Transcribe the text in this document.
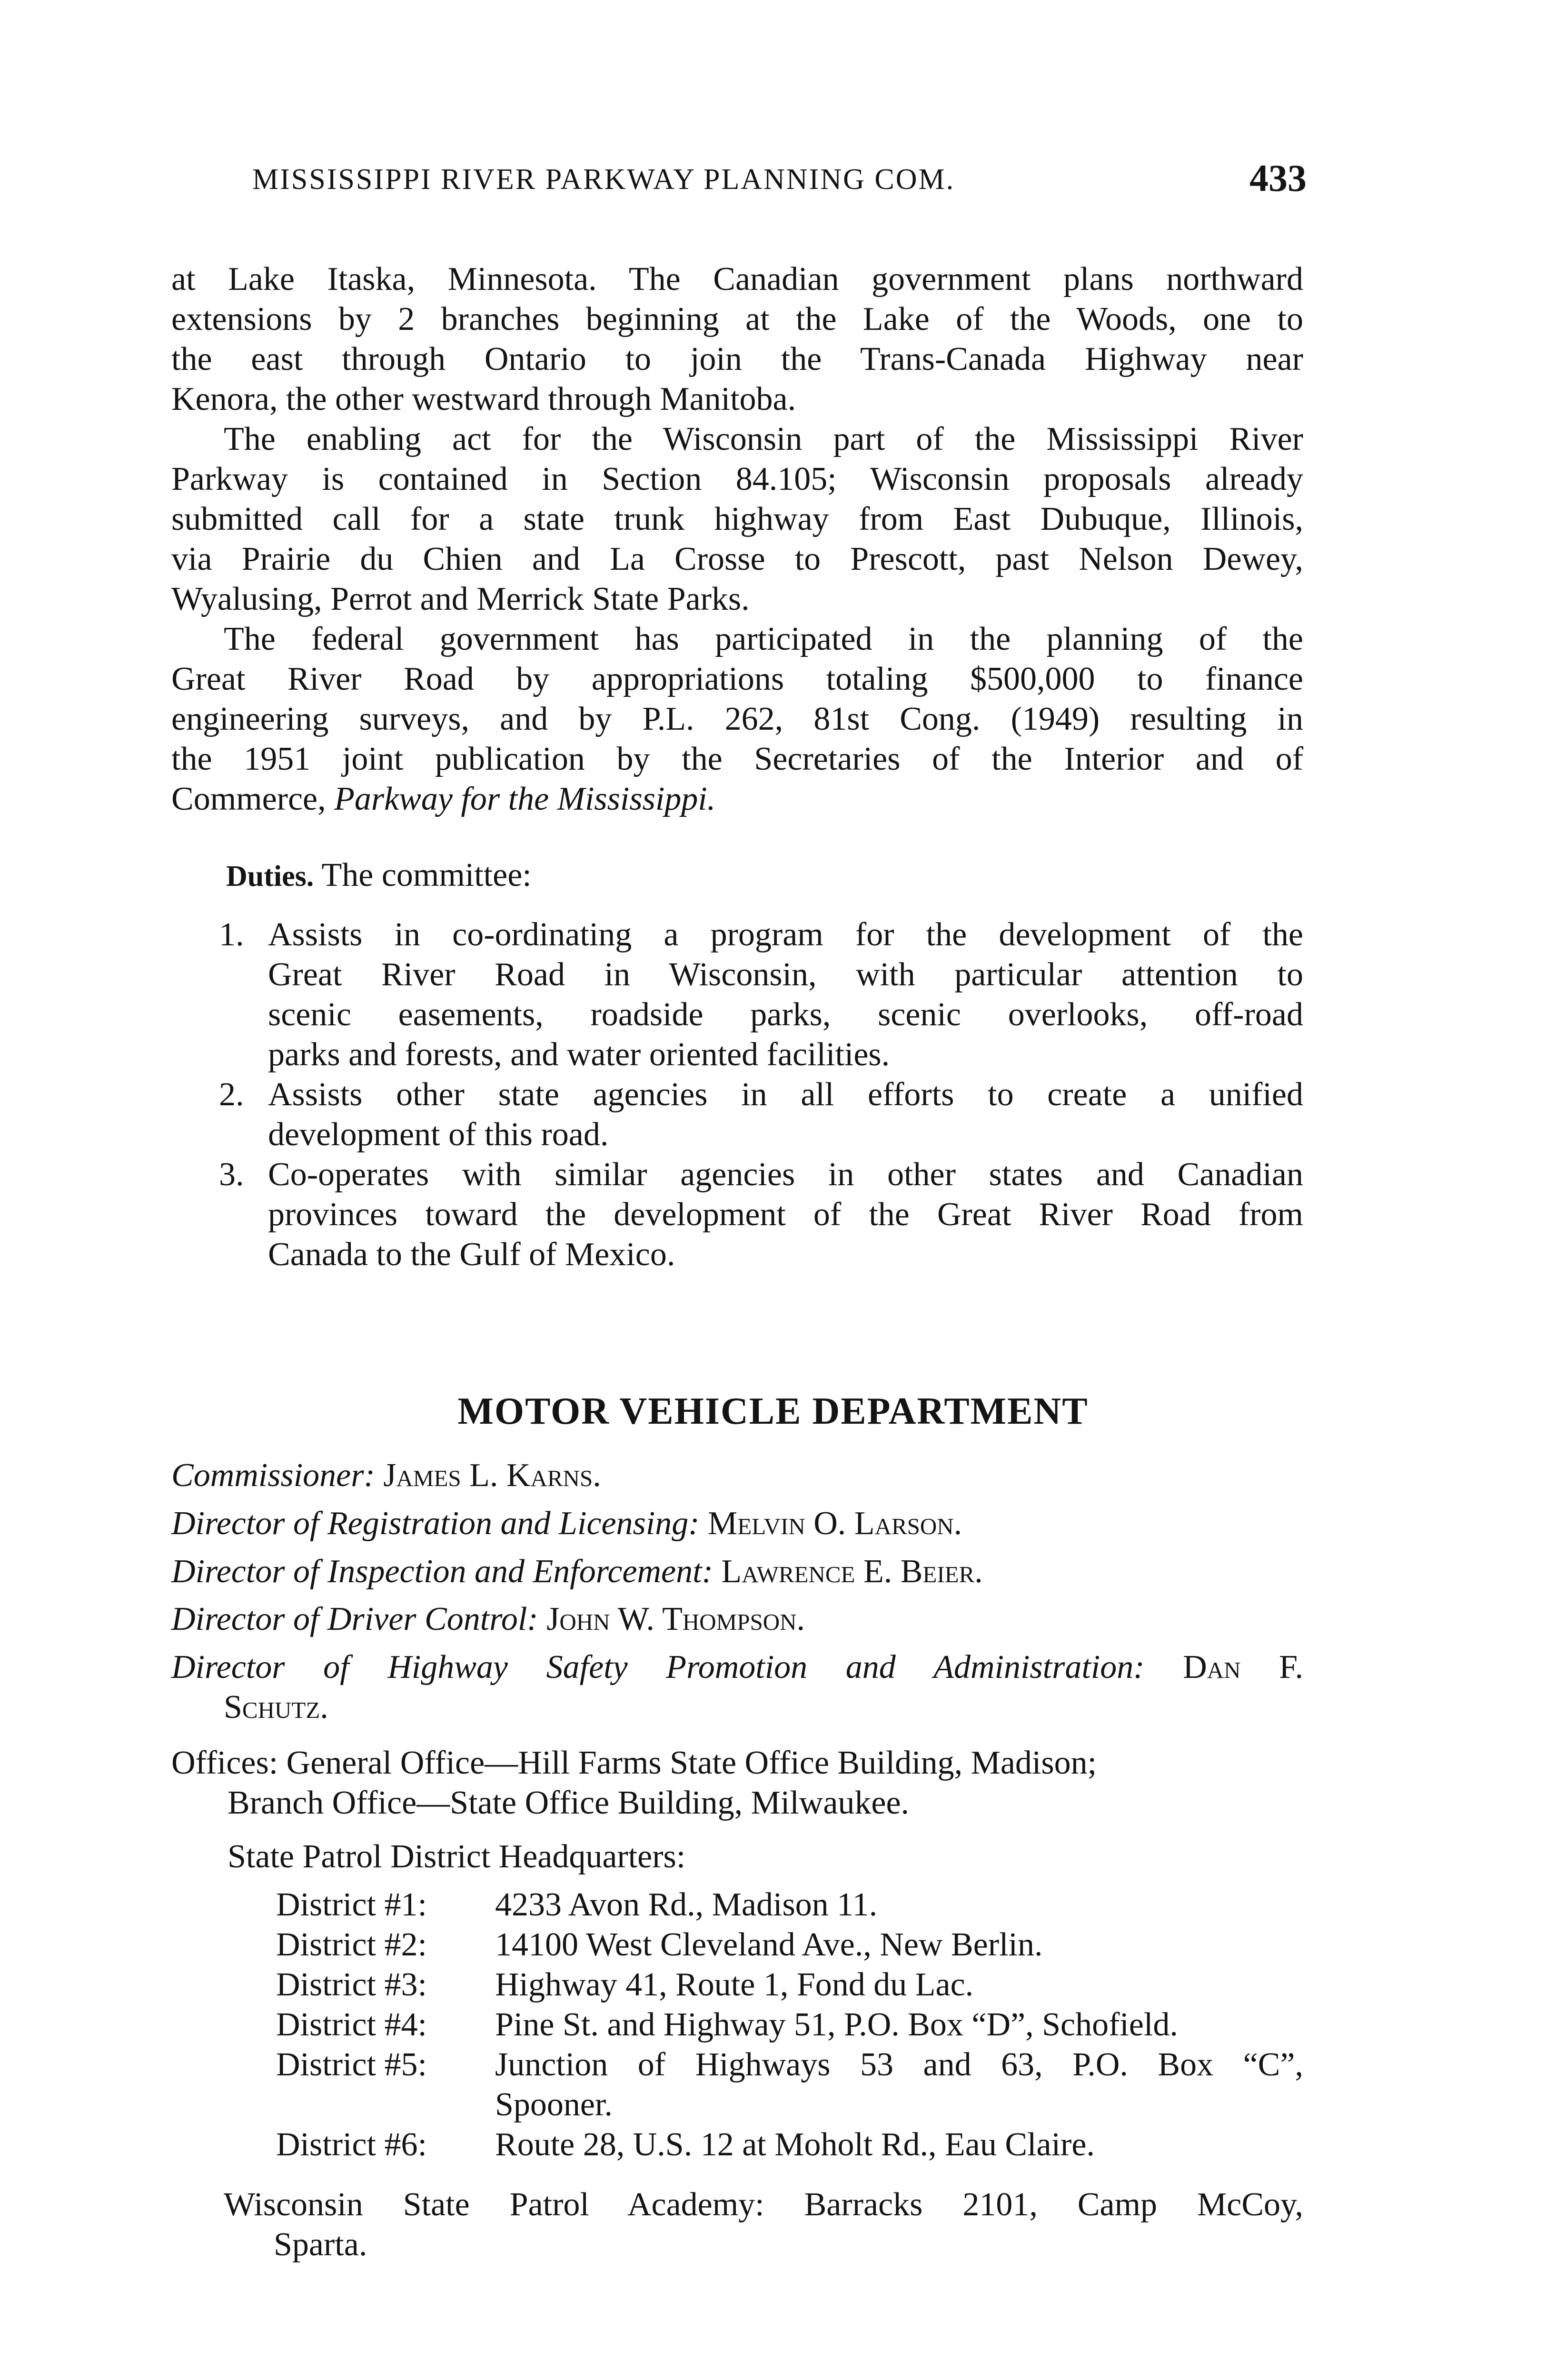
MISSISSIPPI RIVER PARKWAY PLANNING COM.	433
at Lake Itaska, Minnesota. The Canadian government plans northward
extensions by 2 branches beginning at the Lake of the Woods, one to
the east through Ontario to join the Trans-Canada Highway near
Kenora, the other westward through Manitoba.
The enabling act for the Wisconsin part of the Mississippi River
Parkway is contained in Section 84.105; Wisconsin proposals already
submitted call for a state trunk highway from East Dubuque, Illinois,
via Prairie du Chien and La Crosse to Prescott, past Nelson Dewey,
Wyalusing, Perrot and Merrick State Parks.
The federal government has participated in the planning of the
Great River Road by appropriations totaling $500,000 to finance
engineering surveys, and by P.L. 262, 81st Cong. (1949) resulting in
the 1951 joint publication by the Secretaries of the Interior and of
Commerce, Parkway for the Mississippi.
Duties. The committee:
1. Assists in co-ordinating a program for the development of the
Great River Road in Wisconsin, with particular attention to
scenic easements, roadside parks, scenic overlooks, off-road
parks and forests, and water oriented facilities.
2. Assists other state agencies in all efforts to create a unified
development of this road.
3. Co-operates with similar agencies in other states and Canadian
provinces toward the development of the Great River Road from
Canada to the Gulf of Mexico.
MOTOR VEHICLE DEPARTMENT
Commissioner: James L. Karns.
Director of Registration and Licensing: Melvin O. Larson.
Director of Inspection and Enforcement: Lawrence E. Beier.
Director of Driver Control: John W. Thompson.
Director of Highway Safety Promotion and Administration: Dan F.
Schutz.
Offices: General Office—Hill Farms State Office Building, Madison;
Branch Office—State Office Building, Milwaukee.
State Patrol District Headquarters:
District #1:	4233 Avon Rd., Madison 11.
District #2:	14100 West Cleveland Ave., New Berlin.
District #3:	Highway 41, Route 1, Fond du Lac.
District #4:	Pine St. and Highway 51, P.O. Box “D”, Schofield.
District #5:	Junction of Highways 53 and 63, P.O. Box “C”,
Spooner.
District #6:	Route 28, U.S. 12 at Moholt Rd., Eau Claire.
Wisconsin State Patrol Academy: Barracks 2101, Camp McCoy,
Sparta.
